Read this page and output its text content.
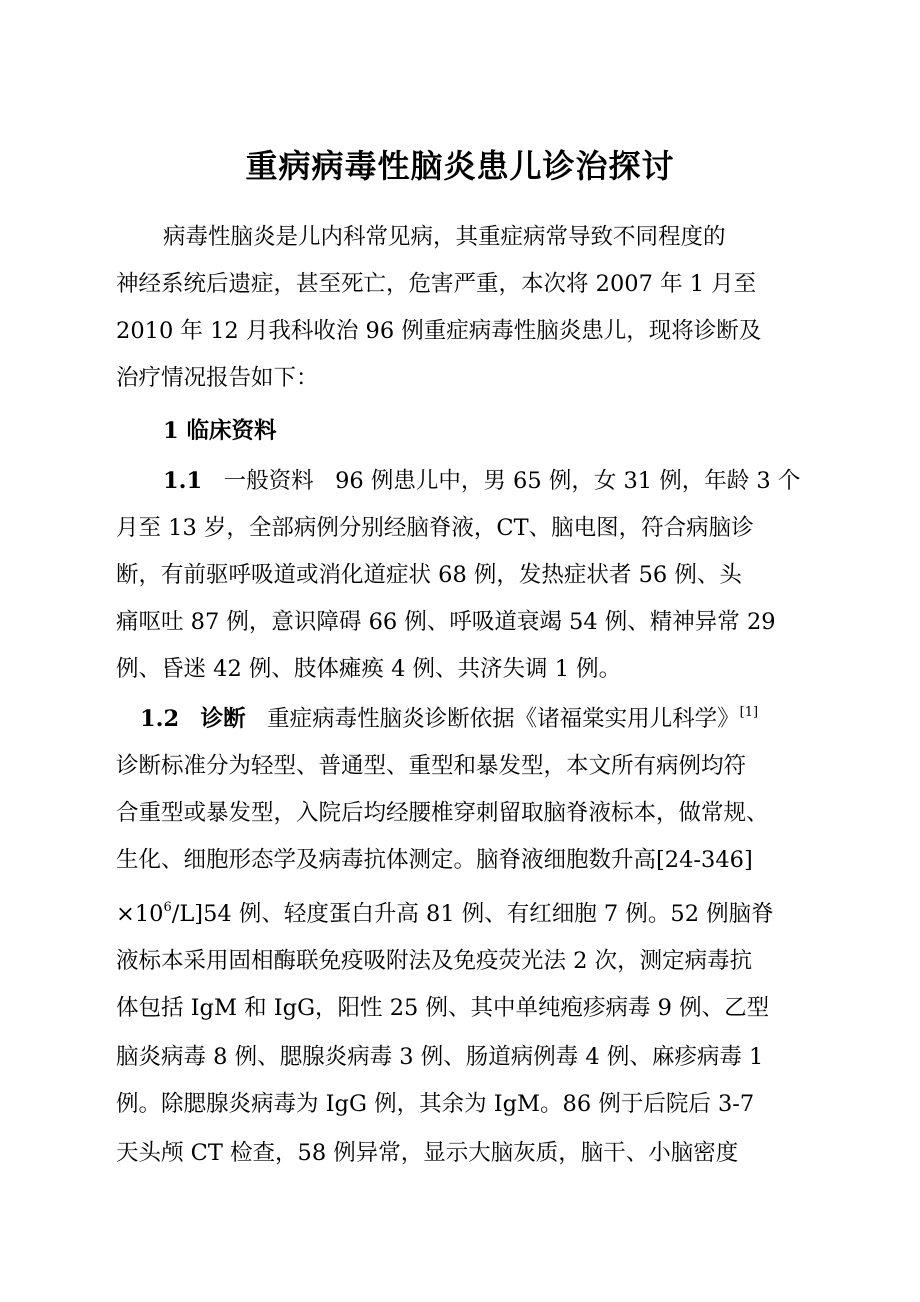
重病病毒性脑炎患儿诊治探讨
病毒性脑炎是儿内科常见病，其重症病常导致不同程度的
神经系统后遗症，甚至死亡，危害严重，本次将 2007 年 1 月至
2010 年 12 月我科收治 96 例重症病毒性脑炎患儿，现将诊断及
治疗情况报告如下：
1 临床资料
1.1 一般资料 96 例患儿中，男 65 例，女 31 例，年龄 3 个
月至 13 岁，全部病例分别经脑脊液，CT、脑电图，符合病脑诊
断，有前驱呼吸道或消化道症状 68 例，发热症状者 56 例、头
痛呕吐 87 例，意识障碍 66 例、呼吸道衰竭 54 例、精神异常 29
例、昏迷 42 例、肢体瘫痪 4 例、共济失调 1 例。
1.2 诊断 重症病毒性脑炎诊断依据《诸福棠实用儿科学》[1]
诊断标准分为轻型、普通型、重型和暴发型，本文所有病例均符
合重型或暴发型，入院后均经腰椎穿刺留取脑脊液标本，做常规、
生化、细胞形态学及病毒抗体测定。脑脊液细胞数升高[24-346]
$\times 10^6/L]54$ 例、轻度蛋白升高 81 例、有红细胞 7 例。52 例脑脊
液标本采用固相酶联免疫吸附法及免疫荧光法 2 次，测定病毒抗
体包括 IgM 和 IgG，阳性 25 例、其中单纯疱疹病毒 9 例、乙型
脑炎病毒 8 例、腮腺炎病毒 3 例、肠道病例毒 4 例、麻疹病毒 1
例。除腮腺炎病毒为 IgG 例，其余为 IgM。86 例于后院后 3-7
天头颅 CT 检查，58 例异常，显示大脑灰质，脑干、小脑密度
